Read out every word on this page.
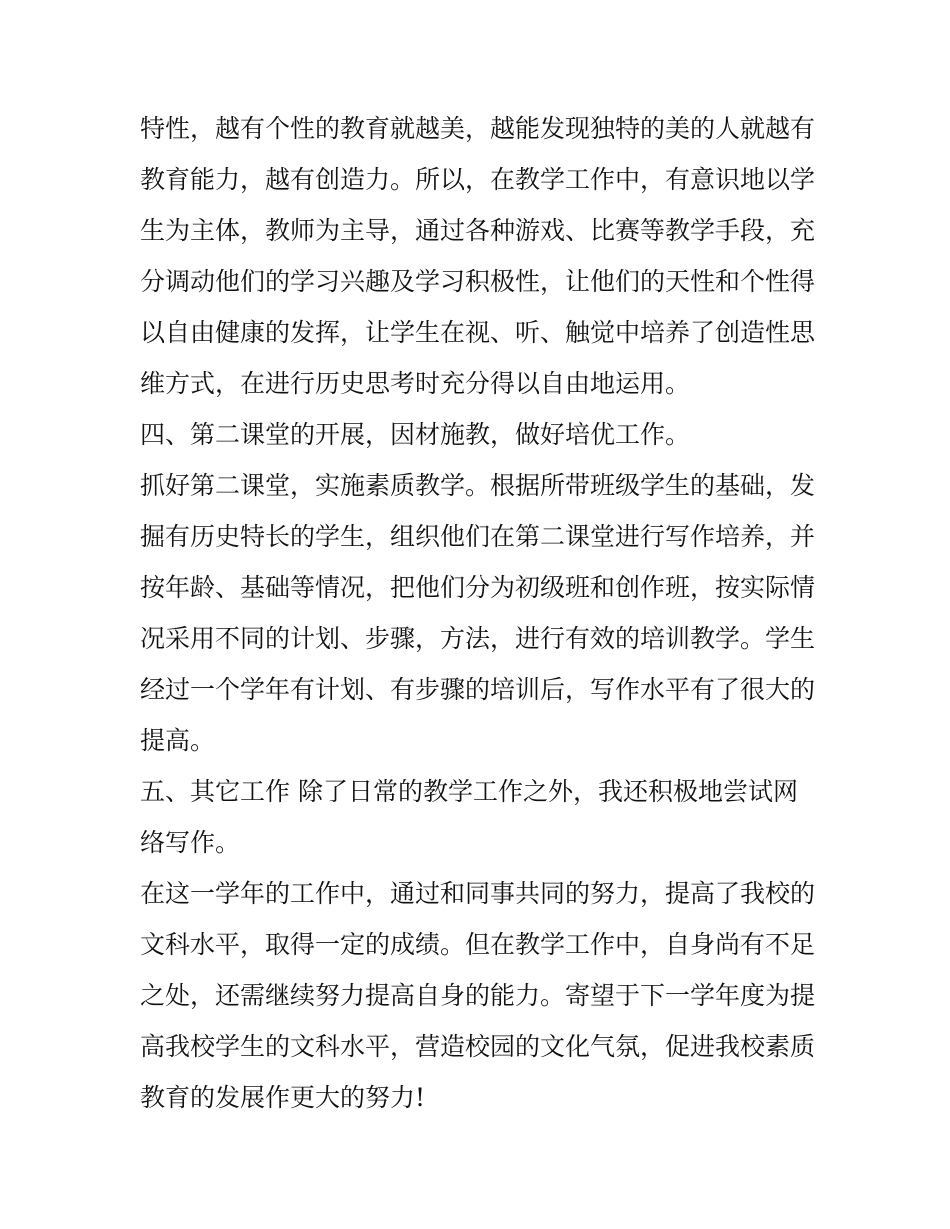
特性，越有个性的教育就越美，越能发现独特的美的人就越有
教育能力，越有创造力。所以，在教学工作中，有意识地以学
生为主体，教师为主导，通过各种游戏、比赛等教学手段，充
分调动他们的学习兴趣及学习积极性，让他们的天性和个性得
以自由健康的发挥，让学生在视、听、触觉中培养了创造性思
维方式，在进行历史思考时充分得以自由地运用。
四、第二课堂的开展，因材施教，做好培优工作。
抓好第二课堂，实施素质教学。根据所带班级学生的基础，发
掘有历史特长的学生，组织他们在第二课堂进行写作培养，并
按年龄、基础等情况，把他们分为初级班和创作班，按实际情
况采用不同的计划、步骤，方法，进行有效的培训教学。学生
经过一个学年有计划、有步骤的培训后，写作水平有了很大的
提高。
五、其它工作 除了日常的教学工作之外，我还积极地尝试网
络写作。
在这一学年的工作中，通过和同事共同的努力，提高了我校的
文科水平，取得一定的成绩。但在教学工作中，自身尚有不足
之处，还需继续努力提高自身的能力。寄望于下一学年度为提
高我校学生的文科水平，营造校园的文化气氛，促进我校素质
教育的发展作更大的努力!
